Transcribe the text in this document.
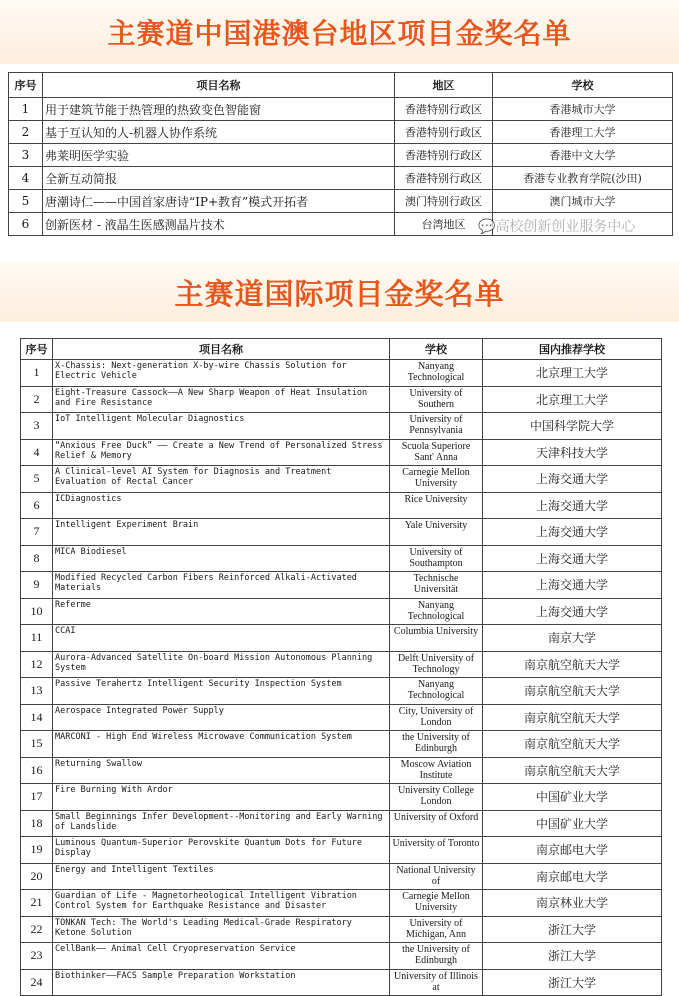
主赛道中国港澳台地区项目金奖名单
序号	项目名称	地区	学校
1	用于建筑节能于热管理的热致变色智能窗	香港特别行政区	香港城市大学
2	基于互认知的人-机器人协作系统	香港特别行政区	香港理工大学
3	弗莱明医学实验	香港特别行政区	香港中文大学
4	全新互动简报	香港特别行政区	香港专业教育学院(沙田)
5	唐潮诗仁——中国首家唐诗“IP+教育”模式开拓者	澳门特别行政区	澳门城市大学
6	创新医材 - 液晶生医感测晶片技术	台湾地区	💬高校创新创业服务中心
主赛道国际项目金奖名单
序号	项目名称	学校	国内推荐学校
1	X-Chassis: Next-generation X-by-wire Chassis Solution for Electric Vehicle	Nanyang Technological	北京理工大学
2	Eight-Treasure Cassock——A New Sharp Weapon of Heat Insulation and Fire Resistance	University of Southern	北京理工大学
3	IoT Intelligent Molecular Diagnostics	University of Pennsylvania	中国科学院大学
4	“Anxious Free Duck” —— Create a New Trend of Personalized Stress Relief & Memory	Scuola Superiore Sant' Anna	天津科技大学
5	A Clinical-level AI System for Diagnosis and Treatment Evaluation of Rectal Cancer	Carnegie Mellon University	上海交通大学
6	ICDiagnostics	Rice University	上海交通大学
7	Intelligent Experiment Brain	Yale University	上海交通大学
8	MICA Biodiesel	University of Southampton	上海交通大学
9	Modified Recycled Carbon Fibers Reinforced Alkali-Activated Materials	Technische Universität	上海交通大学
10	Referme	Nanyang Technological	上海交通大学
11	CCAI	Columbia University	南京大学
12	Aurora-Advanced Satellite On-board Mission Autonomous Planning System	Delft University of Technology	南京航空航天大学
13	Passive Terahertz Intelligent Security Inspection System	Nanyang Technological	南京航空航天大学
14	Aerospace Integrated Power Supply	City, University of London	南京航空航天大学
15	MARCONI - High End Wireless Microwave Communication System	the University of Edinburgh	南京航空航天大学
16	Returning Swallow	Moscow Aviation Institute	南京航空航天大学
17	Fire Burning With Ardor	University College London	中国矿业大学
18	Small Beginnings Infer Development--Monitoring and Early Warning of Landslide	University of Oxford	中国矿业大学
19	Luminous Quantum-Superior Perovskite Quantum Dots for Future Display	University of Toronto	南京邮电大学
20	Energy and Intelligent Textiles	National University of	南京邮电大学
21	Guardian of Life - Magnetorheological Intelligent Vibration Control System for Earthquake Resistance and Disaster	Carnegie Mellon University	南京林业大学
22	TONKAN Tech: The World's Leading Medical-Grade Respiratory Ketone Solution	University of Michigan, Ann	浙江大学
23	CellBank—— Animal Cell Cryopreservation Service	the University of Edinburgh	浙江大学
24	Biothinker——FACS Sample Preparation Workstation	University of Illinois at	浙江大学
